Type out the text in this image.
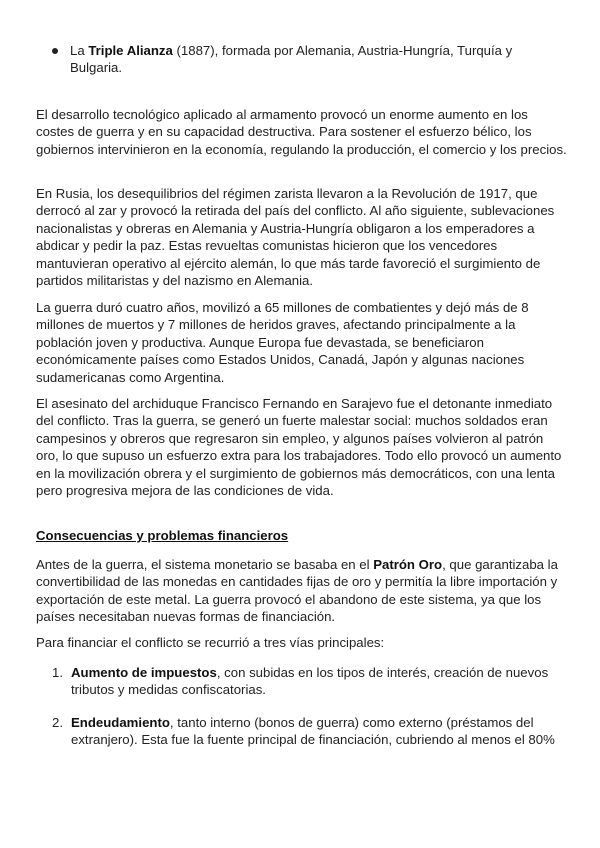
La Triple Alianza (1887), formada por Alemania, Austria-Hungría, Turquía y Bulgaria.

El desarrollo tecnológico aplicado al armamento provocó un enorme aumento en los costes de guerra y en su capacidad destructiva. Para sostener el esfuerzo bélico, los gobiernos intervinieron en la economía, regulando la producción, el comercio y los precios.

En Rusia, los desequilibrios del régimen zarista llevaron a la Revolución de 1917, que derrocó al zar y provocó la retirada del país del conflicto. Al año siguiente, sublevaciones nacionalistas y obreras en Alemania y Austria-Hungría obligaron a los emperadores a abdicar y pedir la paz. Estas revueltas comunistas hicieron que los vencedores mantuvieran operativo al ejército alemán, lo que más tarde favoreció el surgimiento de partidos militaristas y del nazismo en Alemania.

La guerra duró cuatro años, movilizó a 65 millones de combatientes y dejó más de 8 millones de muertos y 7 millones de heridos graves, afectando principalmente a la población joven y productiva. Aunque Europa fue devastada, se beneficiaron económicamente países como Estados Unidos, Canadá, Japón y algunas naciones sudamericanas como Argentina.

El asesinato del archiduque Francisco Fernando en Sarajevo fue el detonante inmediato del conflicto. Tras la guerra, se generó un fuerte malestar social: muchos soldados eran campesinos y obreros que regresaron sin empleo, y algunos países volvieron al patrón oro, lo que supuso un esfuerzo extra para los trabajadores. Todo ello provocó un aumento en la movilización obrera y el surgimiento de gobiernos más democráticos, con una lenta pero progresiva mejora de las condiciones de vida.

Consecuencias y problemas financieros

Antes de la guerra, el sistema monetario se basaba en el Patrón Oro, que garantizaba la convertibilidad de las monedas en cantidades fijas de oro y permitía la libre importación y exportación de este metal. La guerra provocó el abandono de este sistema, ya que los países necesitaban nuevas formas de financiación.

Para financiar el conflicto se recurrió a tres vías principales:

1. Aumento de impuestos, con subidas en los tipos de interés, creación de nuevos tributos y medidas confiscatorias.
2. Endeudamiento, tanto interno (bonos de guerra) como externo (préstamos del extranjero). Esta fue la fuente principal de financiación, cubriendo al menos el 80%
